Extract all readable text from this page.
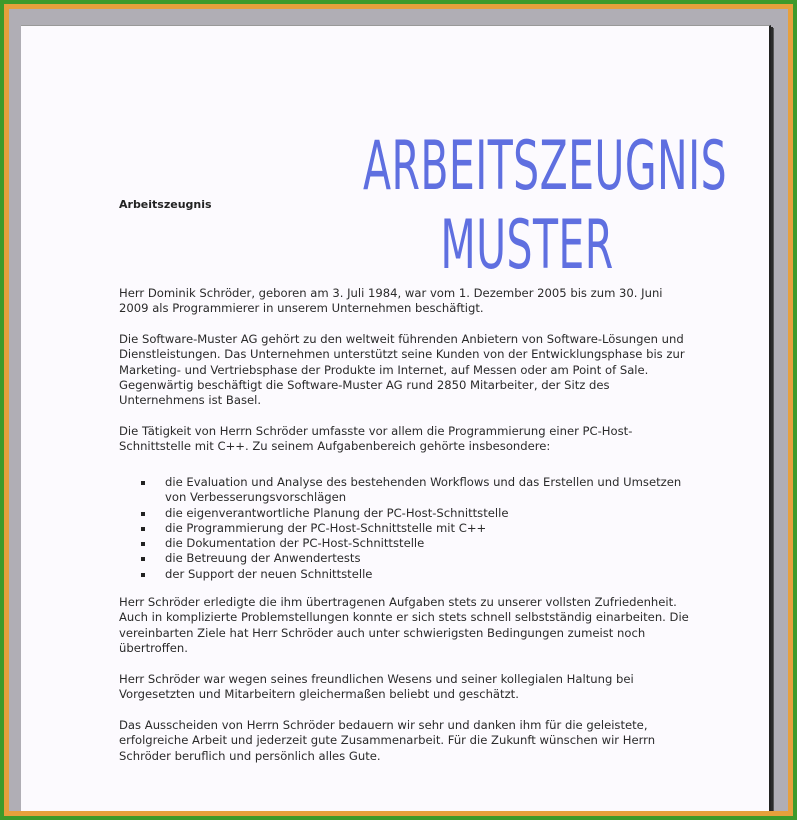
ARBEITSZEUGNIS
MUSTER
Arbeitszeugnis

Herr Dominik Schröder, geboren am 3. Juli 1984, war vom 1. Dezember 2005 bis zum 30. Juni 2009 als Programmierer in unserem Unternehmen beschäftigt.

Die Software-Muster AG gehört zu den weltweit führenden Anbietern von Software-Lösungen und Dienstleistungen. Das Unternehmen unterstützt seine Kunden von der Entwicklungsphase bis zur Marketing- und Vertriebsphase der Produkte im Internet, auf Messen oder am Point of Sale. Gegenwärtig beschäftigt die Software-Muster AG rund 2850 Mitarbeiter, der Sitz des Unternehmens ist Basel.

Die Tätigkeit von Herrn Schröder umfasste vor allem die Programmierung einer PC-Host-Schnittstelle mit C++. Zu seinem Aufgabenbereich gehörte insbesondere:

die Evaluation und Analyse des bestehenden Workflows und das Erstellen und Umsetzen von Verbesserungsvorschlägen
die eigenverantwortliche Planung der PC-Host-Schnittstelle
die Programmierung der PC-Host-Schnittstelle mit C++
die Dokumentation der PC-Host-Schnittstelle
die Betreuung der Anwendertests
der Support der neuen Schnittstelle

Herr Schröder erledigte die ihm übertragenen Aufgaben stets zu unserer vollsten Zufriedenheit. Auch in komplizierte Problemstellungen konnte er sich stets schnell selbstständig einarbeiten. Die vereinbarten Ziele hat Herr Schröder auch unter schwierigsten Bedingungen zumeist noch übertroffen.

Herr Schröder war wegen seines freundlichen Wesens und seiner kollegialen Haltung bei Vorgesetzten und Mitarbeitern gleichermaßen beliebt und geschätzt.

Das Ausscheiden von Herrn Schröder bedauern wir sehr und danken ihm für die geleistete, erfolgreiche Arbeit und jederzeit gute Zusammenarbeit. Für die Zukunft wünschen wir Herrn Schröder beruflich und persönlich alles Gute.
